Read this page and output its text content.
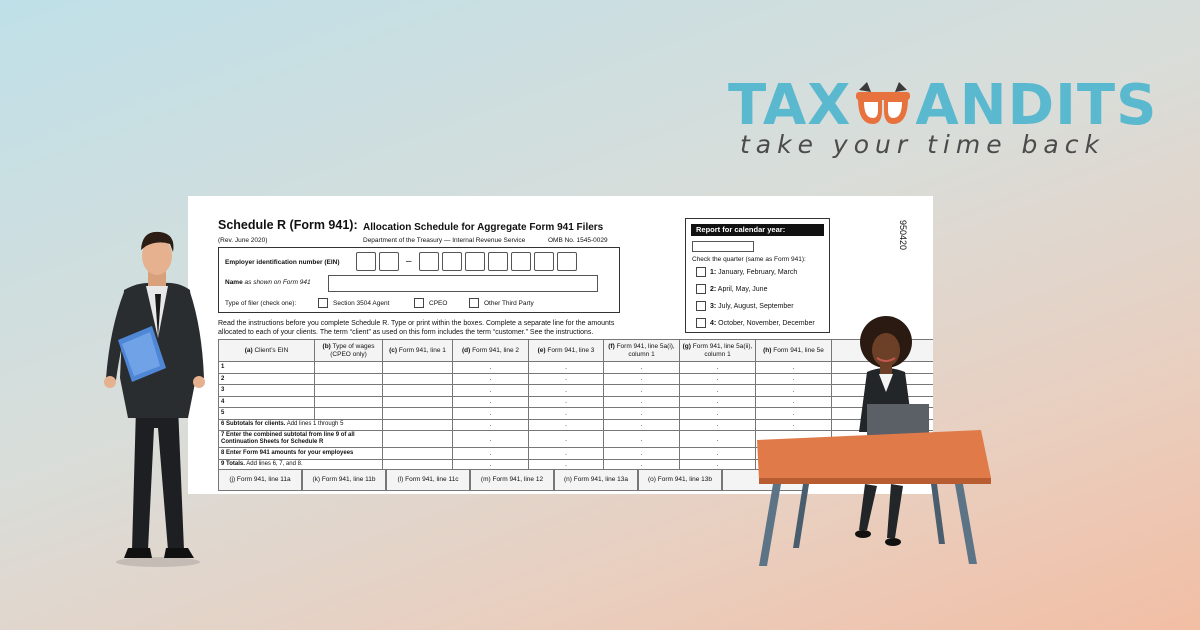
TAX ANDITS
take your time back
Schedule R (Form 941): Allocation Schedule for Aggregate Form 941 Filers
(Rev. June 2020)	Department of the Treasury — Internal Revenue Service	OMB No. 1545-0029
Employer identification number (EIN)	–
Name as shown on Form 941
Type of filer (check one):	Section 3504 Agent	CPEO	Other Third Party
Read the instructions before you complete Schedule R. Type or print within the boxes. Complete a separate line for the amounts allocated to each of your clients. The term “client” as used on this form includes the term “customer.” See the instructions.
Report for calendar year:
Check the quarter (same as Form 941):
1: January, February, March
2: April, May, June
3: July, August, September
4: October, November, December
950420
(a) Client’s EIN	(b) Type of wages (CPEO only)	(c) Form 941, line 1	(d) Form 941, line 2	(e) Form 941, line 3	(f) Form 941, line 5a(i), column 1	(g) Form 941, line 5a(ii), column 1	(h) Form 941, line 5e	
1			.	.	.	.	.	
2			.	.	.	.	.	
3			.	.	.	.	.	
4			.	.	.	.	.	
5			.	.	.	.	.	
6 Subtotals for clients. Add lines 1 through 5			.	.	.	.	.	
7 Enter the combined subtotal from line 9 of all Continuation Sheets for Schedule R			.	.	.	.		
8 Enter Form 941 amounts for your employees			.	.	.	.		
9 Totals. Add lines 6, 7, and 8.			.	.	.	.		
(j) Form 941, line 11a	(k) Form 941, line 11b	(l) Form 941, line 11c	(m) Form 941, line 12	(n) Form 941, line 13a	(o) Form 941, line 13b
